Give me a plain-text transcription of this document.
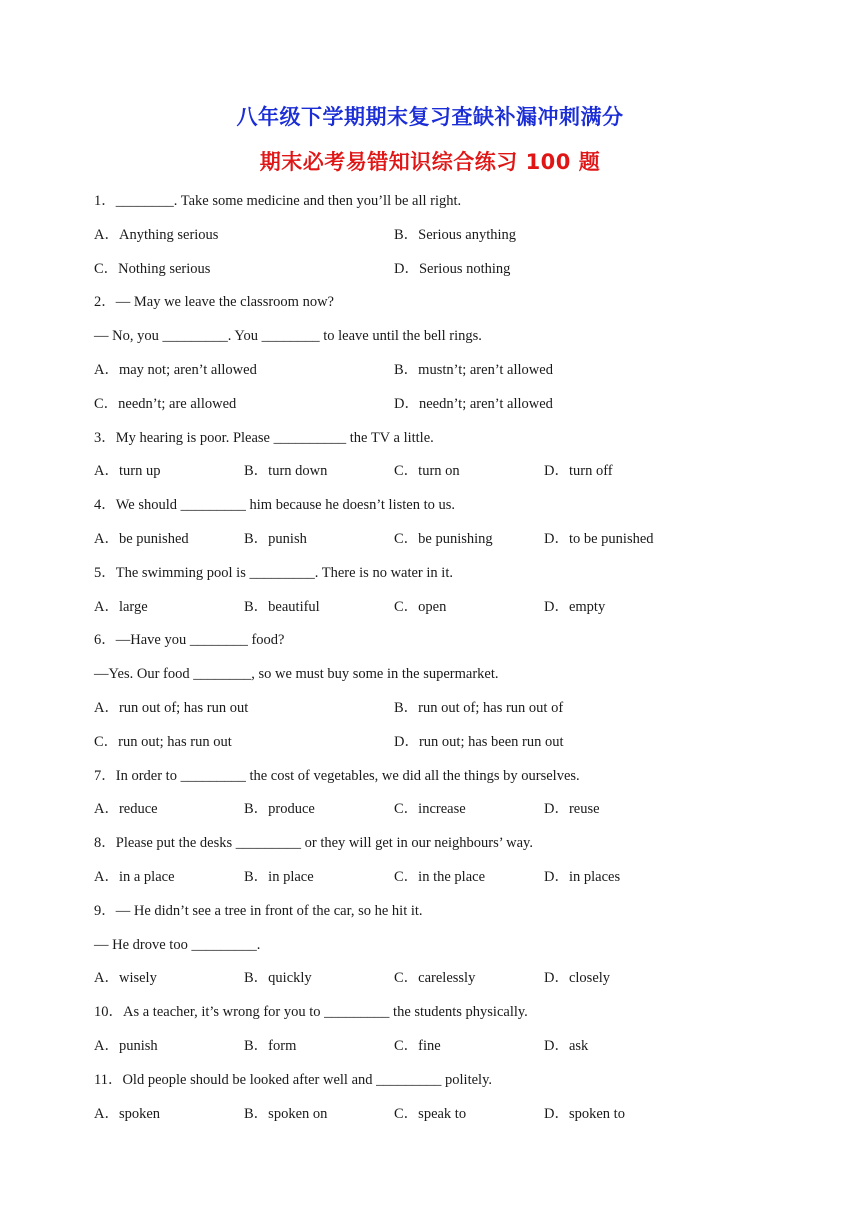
八年级下学期期末复习查缺补漏冲刺满分
期末必考易错知识综合练习 100 题
1．________. Take some medicine and then you’ll be all right.
A．Anything serious	B．Serious anything
C．Nothing serious	D．Serious nothing
2．— May we leave the classroom now?
— No, you _________. You ________ to leave until the bell rings.
A．may not; aren’t allowed	B．mustn’t; aren’t allowed
C．needn’t; are allowed	D．needn’t; aren’t allowed
3．My hearing is poor. Please __________ the TV a little.
A．turn up	B．turn down	C．turn on	D．turn off
4．We should _________ him because he doesn’t listen to us.
A．be punished	B．punish	C．be punishing	D．to be punished
5．The swimming pool is _________. There is no water in it.
A．large	B．beautiful	C．open	D．empty
6．—Have you ________ food?
—Yes. Our food ________, so we must buy some in the supermarket.
A．run out of; has run out	B．run out of; has run out of
C．run out; has run out	D．run out; has been run out
7．In order to _________ the cost of vegetables, we did all the things by ourselves.
A．reduce	B．produce	C．increase	D．reuse
8．Please put the desks _________ or they will get in our neighbours’ way.
A．in a place	B．in place	C．in the place	D．in places
9．— He didn’t see a tree in front of the car, so he hit it.
— He drove too _________.
A．wisely	B．quickly	C．carelessly	D．closely
10．As a teacher, it’s wrong for you to _________ the students physically.
A．punish	B．form	C．fine	D．ask
11．Old people should be looked after well and _________ politely.
A．spoken	B．spoken on	C．speak to	D．spoken to
